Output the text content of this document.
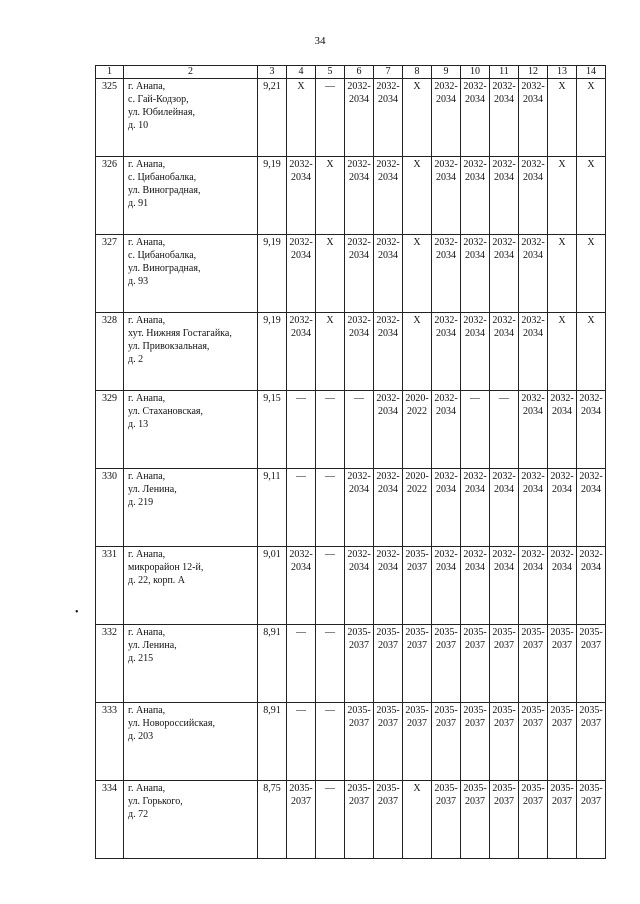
34
•
1	2	3	4	5	6	7	8	9	10	11	12	13	14
325	г. Анапа,
с. Гай-Кодзор,
ул. Юбилейная,
д. 10	9,21	X	—	2032-
2034	2032-
2034	X	2032-
2034	2032-
2034	2032-
2034	2032-
2034	X	X
326	г. Анапа,
с. Цибанобалка,
ул. Виноградная,
д. 91	9,19	2032-
2034	X	2032-
2034	2032-
2034	X	2032-
2034	2032-
2034	2032-
2034	2032-
2034	X	X
327	г. Анапа,
с. Цибанобалка,
ул. Виноградная,
д. 93	9,19	2032-
2034	X	2032-
2034	2032-
2034	X	2032-
2034	2032-
2034	2032-
2034	2032-
2034	X	X
328	г. Анапа,
хут. Нижняя Гостагайка,
ул. Привокзальная,
д. 2	9,19	2032-
2034	X	2032-
2034	2032-
2034	X	2032-
2034	2032-
2034	2032-
2034	2032-
2034	X	X
329	г. Анапа,
ул. Стахановская,
д. 13	9,15	—	—	—	2032-
2034	2020-
2022	2032-
2034	—	—	2032-
2034	2032-
2034	2032-
2034
330	г. Анапа,
ул. Ленина,
д. 219	9,11	—	—	2032-
2034	2032-
2034	2020-
2022	2032-
2034	2032-
2034	2032-
2034	2032-
2034	2032-
2034	2032-
2034
331	г. Анапа,
микрорайон 12-й,
д. 22, корп. А	9,01	2032-
2034	—	2032-
2034	2032-
2034	2035-
2037	2032-
2034	2032-
2034	2032-
2034	2032-
2034	2032-
2034	2032-
2034
332	г. Анапа,
ул. Ленина,
д. 215	8,91	—	—	2035-
2037	2035-
2037	2035-
2037	2035-
2037	2035-
2037	2035-
2037	2035-
2037	2035-
2037	2035-
2037
333	г. Анапа,
ул. Новороссийская,
д. 203	8,91	—	—	2035-
2037	2035-
2037	2035-
2037	2035-
2037	2035-
2037	2035-
2037	2035-
2037	2035-
2037	2035-
2037
334	г. Анапа,
ул. Горького,
д. 72	8,75	2035-
2037	—	2035-
2037	2035-
2037	X	2035-
2037	2035-
2037	2035-
2037	2035-
2037	2035-
2037	2035-
2037
